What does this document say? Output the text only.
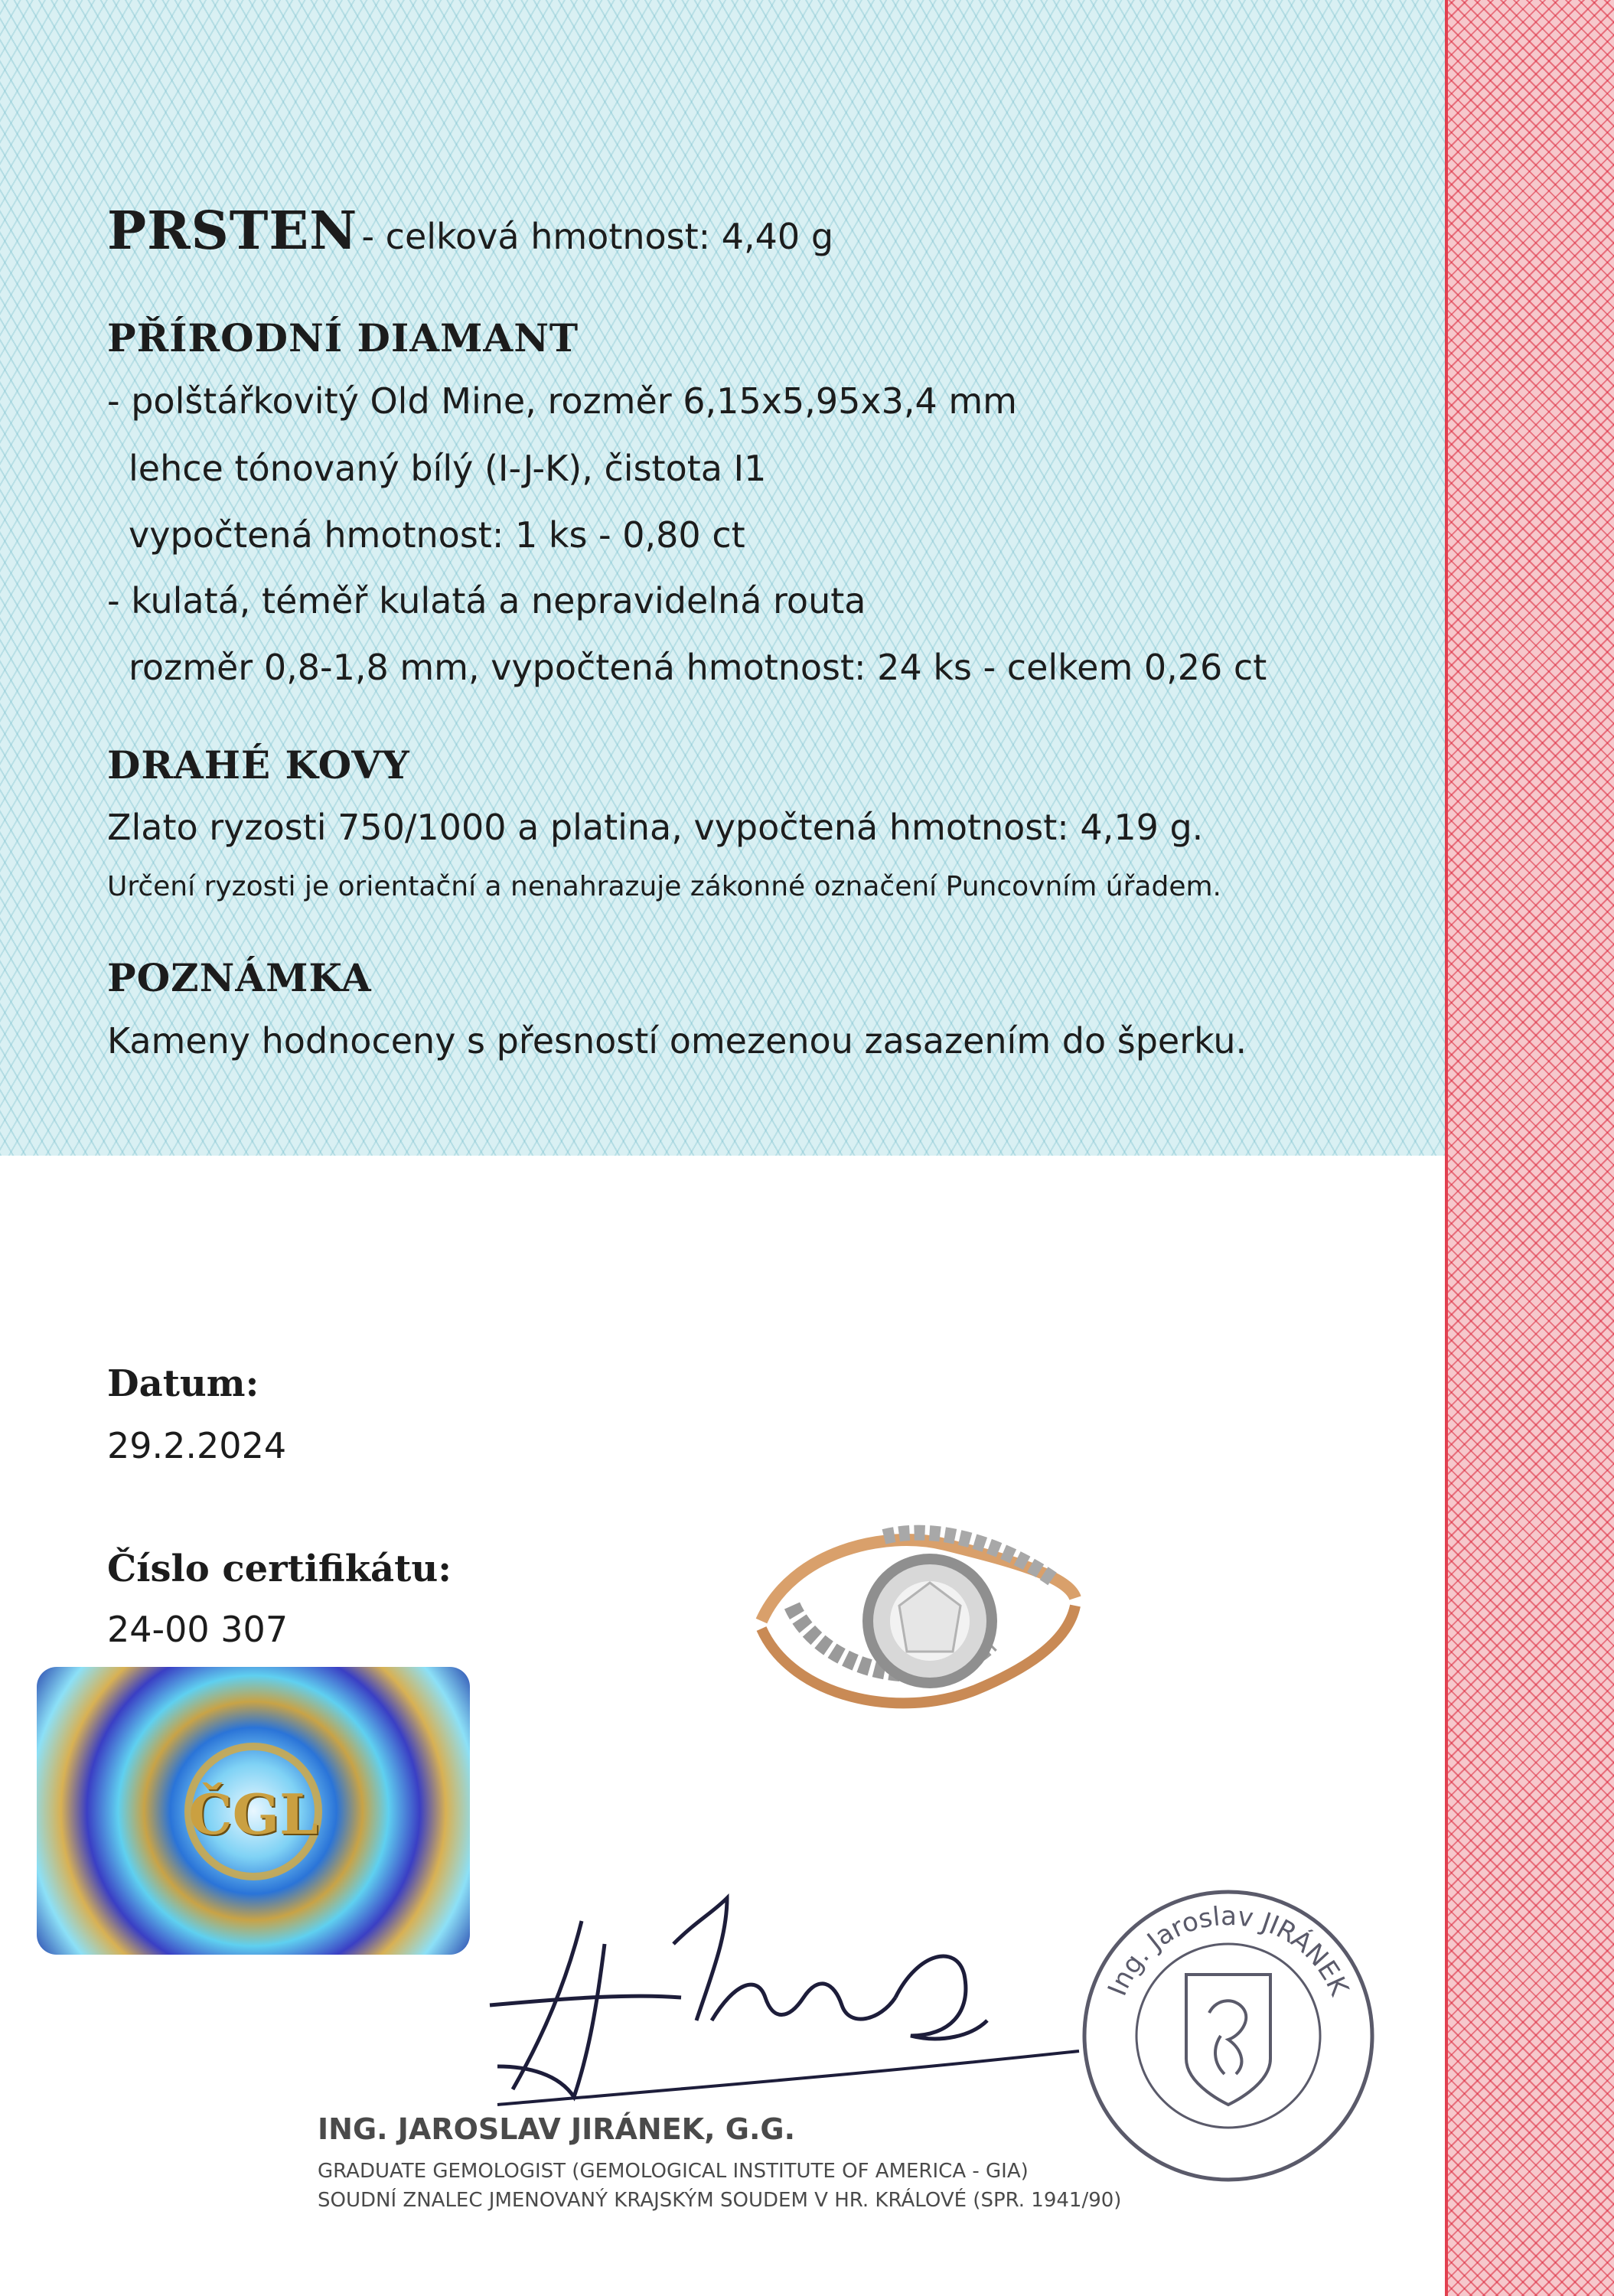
PRSTEN - celková hmotnost: 4,40 g
PŘÍRODNÍ DIAMANT
- polštářkovitý Old Mine, rozměr 6,15x5,95x3,4 mm
lehce tónovaný bílý (I-J-K), čistota I1
vypočtená hmotnost: 1 ks - 0,80 ct
- kulatá, téměř kulatá a nepravidelná routa
rozměr 0,8-1,8 mm, vypočtená hmotnost: 24 ks - celkem 0,26 ct
DRAHÉ KOVY
Zlato ryzosti 750/1000 a platina, vypočtená hmotnost: 4,19 g.
Určení ryzosti je orientační a nenahrazuje zákonné označení Puncovním úřadem.
POZNÁMKA
Kameny hodnoceny s přesností omezenou zasazením do šperku.
Datum:
29.2.2024
Číslo certifikátu:
24-00 307
ČGL
Ing. Jaroslav JIRÁNEK
ING. JAROSLAV JIRÁNEK, G.G.
GRADUATE GEMOLOGIST (GEMOLOGICAL INSTITUTE OF AMERICA - GIA)
SOUDNÍ ZNALEC JMENOVANÝ KRAJSKÝM SOUDEM V HR. KRÁLOVÉ (SPR. 1941/90)
